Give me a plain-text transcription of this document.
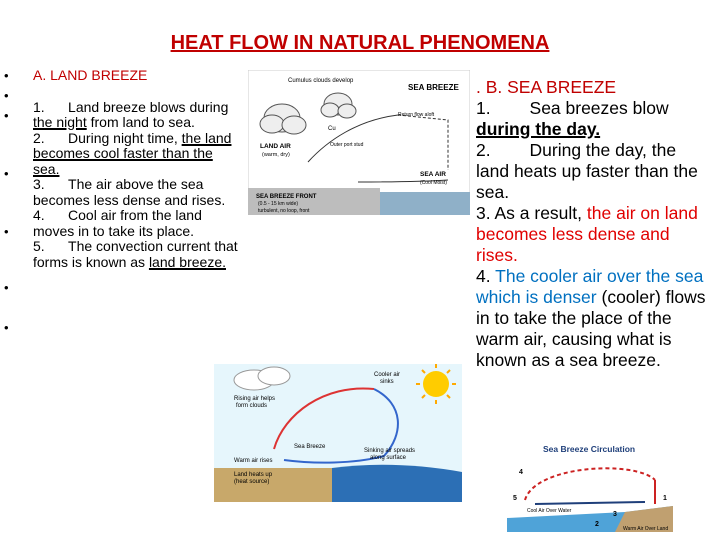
HEAT FLOW IN NATURAL PHENOMENA
•
•
•
•
•
•
•

A. LAND BREEZE

1. Land breeze blows during the night from land to sea.

2. During night time, the land becomes cool faster than the sea.

3. The air above the sea becomes less dense and rises.

4. Cool air from the land moves in to take its place.

5. The convection current that forms is known as land breeze.

Cumulus clouds develop
SEA BREEZE
Cu
Return flow aloft
LAND AIR
(warm, dry)
Outer port stud
SEA BREEZE FRONT
(0.5 - 15 km wide)
turbulent, no loop, front
SEA AIR
(Cool Moist)
Cooler air
sinks
Rising air helps
form clouds
Sea Breeze
Sinking air spreads
along surface
Warm air rises
Land heats up
(heat source)

. B. SEA BREEZE

1. Sea breezes blow
during the day.

2. During the day, the land heats up faster than the sea.

3. As a result, the air on land becomes less dense and rises.

4. The cooler air over the sea which is denser (cooler) flows in to take the place of the warm air, causing what is known as a sea breeze.

Sea Breeze Circulation
4
5	1
2
3
Cool Air Over Water
Warm Air Over Land
